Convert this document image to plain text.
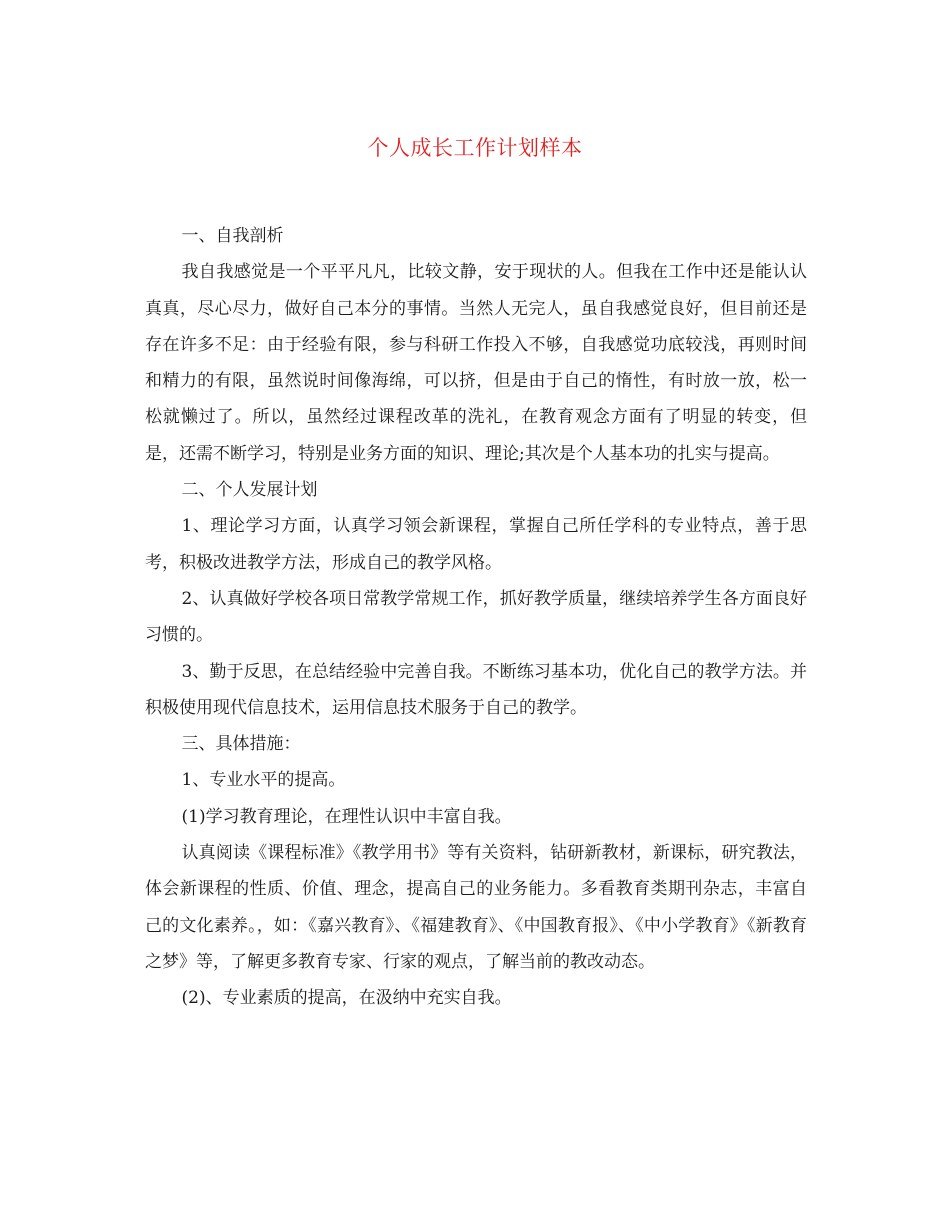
个人成长工作计划样本

一、自我剖析

我自我感觉是一个平平凡凡，比较文静，安于现状的人。但我在工作中还是能认认真真，尽心尽力，做好自己本分的事情。当然人无完人，虽自我感觉良好，但目前还是存在许多不足：由于经验有限，参与科研工作投入不够，自我感觉功底较浅，再则时间和精力的有限，虽然说时间像海绵，可以挤，但是由于自己的惰性，有时放一放，松一松就懒过了。所以，虽然经过课程改革的洗礼，在教育观念方面有了明显的转变，但是，还需不断学习，特别是业务方面的知识、理论;其次是个人基本功的扎实与提高。

二、个人发展计划

1、理论学习方面，认真学习领会新课程，掌握自己所任学科的专业特点，善于思考，积极改进教学方法，形成自己的教学风格。

2、认真做好学校各项日常教学常规工作，抓好教学质量，继续培养学生各方面良好习惯的。

3、勤于反思，在总结经验中完善自我。不断练习基本功，优化自己的教学方法。并积极使用现代信息技术，运用信息技术服务于自己的教学。

三、具体措施：

1、专业水平的提高。

(1)学习教育理论，在理性认识中丰富自我。

认真阅读《课程标准》《教学用书》等有关资料，钻研新教材，新课标，研究教法，体会新课程的性质、价值、理念，提高自己的业务能力。多看教育类期刊杂志，丰富自己的文化素养。，如：《嘉兴教育》、《福建教育》、《中国教育报》、《中小学教育》《新教育之梦》等，了解更多教育专家、行家的观点，了解当前的教改动态。

(2)、专业素质的提高，在汲纳中充实自我。
